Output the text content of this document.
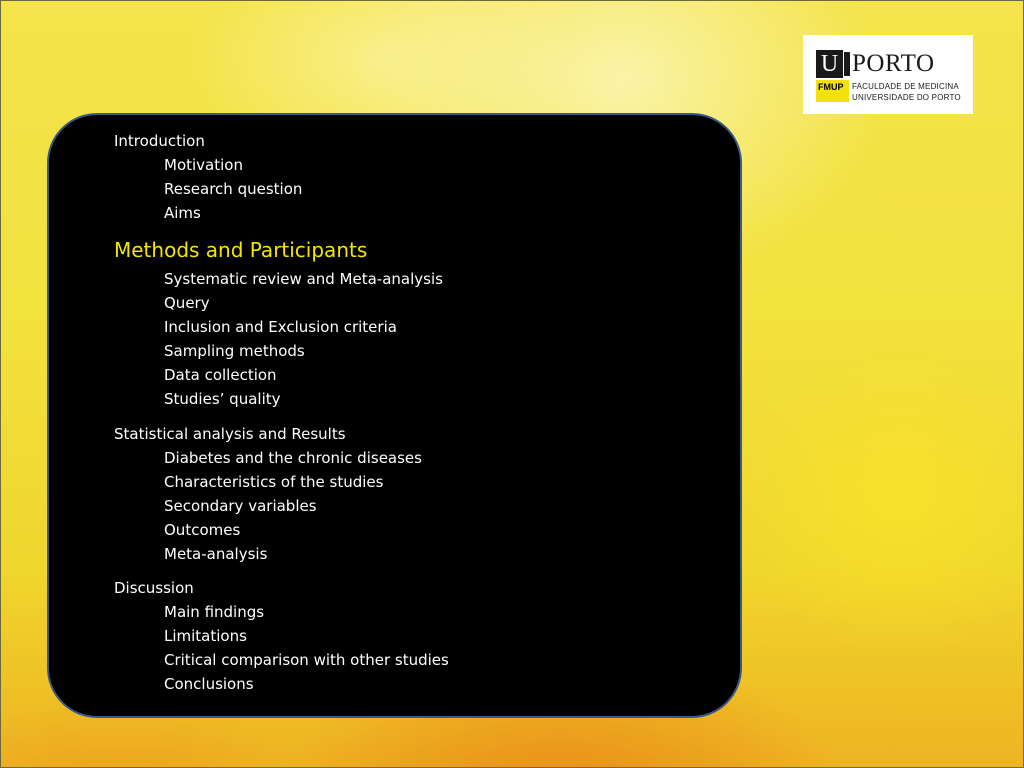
U PORTO
FMUP FACULDADE DE MEDICINA
UNIVERSIDADE DO PORTO
Introduction
Motivation
Research question
Aims
Methods and Participants
Systematic review and Meta-analysis
Query
Inclusion and Exclusion criteria
Sampling methods
Data collection
Studies’ quality
Statistical analysis and Results
Diabetes and the chronic diseases
Characteristics of the studies
Secondary variables
Outcomes
Meta-analysis
Discussion
Main findings
Limitations
Critical comparison with other studies
Conclusions
